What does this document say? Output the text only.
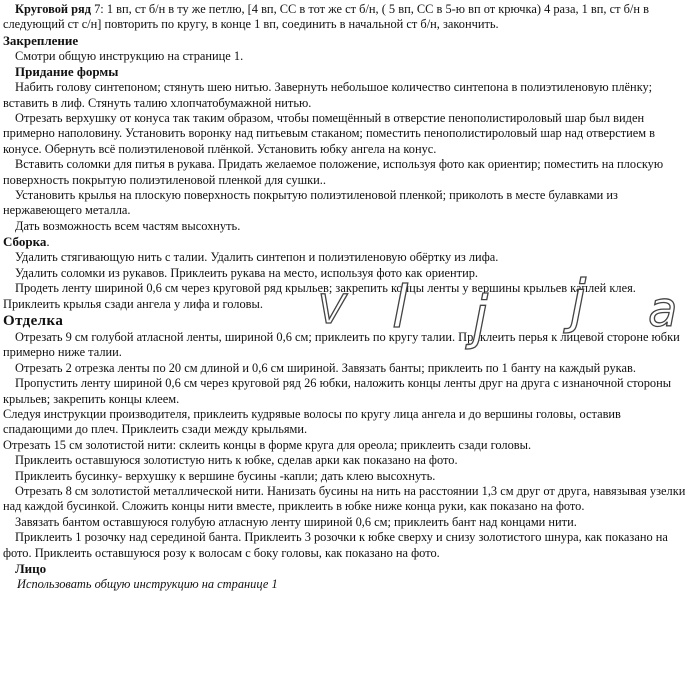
Круговой ряд 7: 1 вп, ст б/н в ту же петлю, [4 вп, СС в тот же ст б/н, ( 5 вп, СС в 5-ю вп от крючка) 4 раза, 1 вп, ст б/н в следующий ст с/н] повторить по кругу, в конце 1 вп, соединить в начальной ст б/н, закончить.

Закрепление

Смотри общую инструкцию на странице 1.

Придание формы

Набить голову синтепоном; стянуть шею нитью. Завернуть небольшое количество синтепона в полиэтиленовую плёнку; вставить в лиф. Стянуть талию хлопчатобумажной нитью.

Отрезать верхушку от конуса так таким образом, чтобы помещённый в отверстие пенополистироловый шар был виден примерно наполовину. Установить воронку над питьевым стаканом; поместить пенополистироловый шар над отверстием в конусе. Обернуть всё полиэтиленовой плёнкой. Установить юбку ангела на конус.

Вставить соломки для питья в рукава. Придать желаемое положение, используя фото как ориентир; поместить на плоскую поверхность покрытую полиэтиленовой пленкой для сушки..

Установить крылья на плоскую поверхность покрытую полиэтиленовой пленкой; приколоть в месте булавками из нержавеющего металла.

Дать возможность всем частям высохнуть.

Сборка.

Удалить стягивающую нить с талии. Удалить синтепон и полиэтиленовую обёртку из лифа.

Удалить соломки из рукавов. Приклеить рукава на место, используя фото как ориентир.

Продеть ленту шириной 0,6 см через круговой ряд крыльев; закрепить концы ленты у вершины крыльев каплей клея. Приклеить крылья сзади ангела у лифа и головы.

Отделка

Отрезать 9 см голубой атласной ленты, шириной 0,6 см; приклеить по кругу талии. Приклеить перья к лицевой стороне юбки примерно ниже талии.

Отрезать 2 отрезка ленты по 20 см длиной и 0,6 см шириной. Завязать банты; приклеить по 1 банту на каждый рукав.

Пропустить ленту шириной 0,6 см через круговой ряд 26 юбки, наложить концы ленты друг на друга с изнаночной стороны крыльев; закрепить концы клеем.

Следуя инструкции производителя, приклеить кудрявые волосы по кругу лица ангела и до вершины головы, оставив спадающими до плеч. Приклеить сзади между крыльями.

Отрезать 15 см золотистой нити: склеить концы в форме круга для ореола; приклеить сзади головы.

Приклеить оставшуюся золотистую нить к юбке, сделав арки как показано на фото.

Приклеить бусинку- верхушку к вершине бусины -капли; дать клею высохнуть.

Отрезать 8 см золотистой металлической нити. Нанизать бусины на нить на расстоянии 1,3 см друг от друга, навязывая узелки над каждой бусинкой. Сложить концы нити вместе, приклеить в юбке ниже конца руки, как показано на фото.

Завязать бантом оставшуюся голубую атласную ленту шириной 0,6 см; приклеить бант над концами нити.

Приклеить 1 розочку над серединой банта. Приклеить 3 розочки к юбке сверху и снизу золотистого шнура, как показано на фото. Приклеить оставшуюся розу к волосам с боку головы, как показано на фото.

Лицо

Использовать общую инструкцию на странице 1

V l j j a
